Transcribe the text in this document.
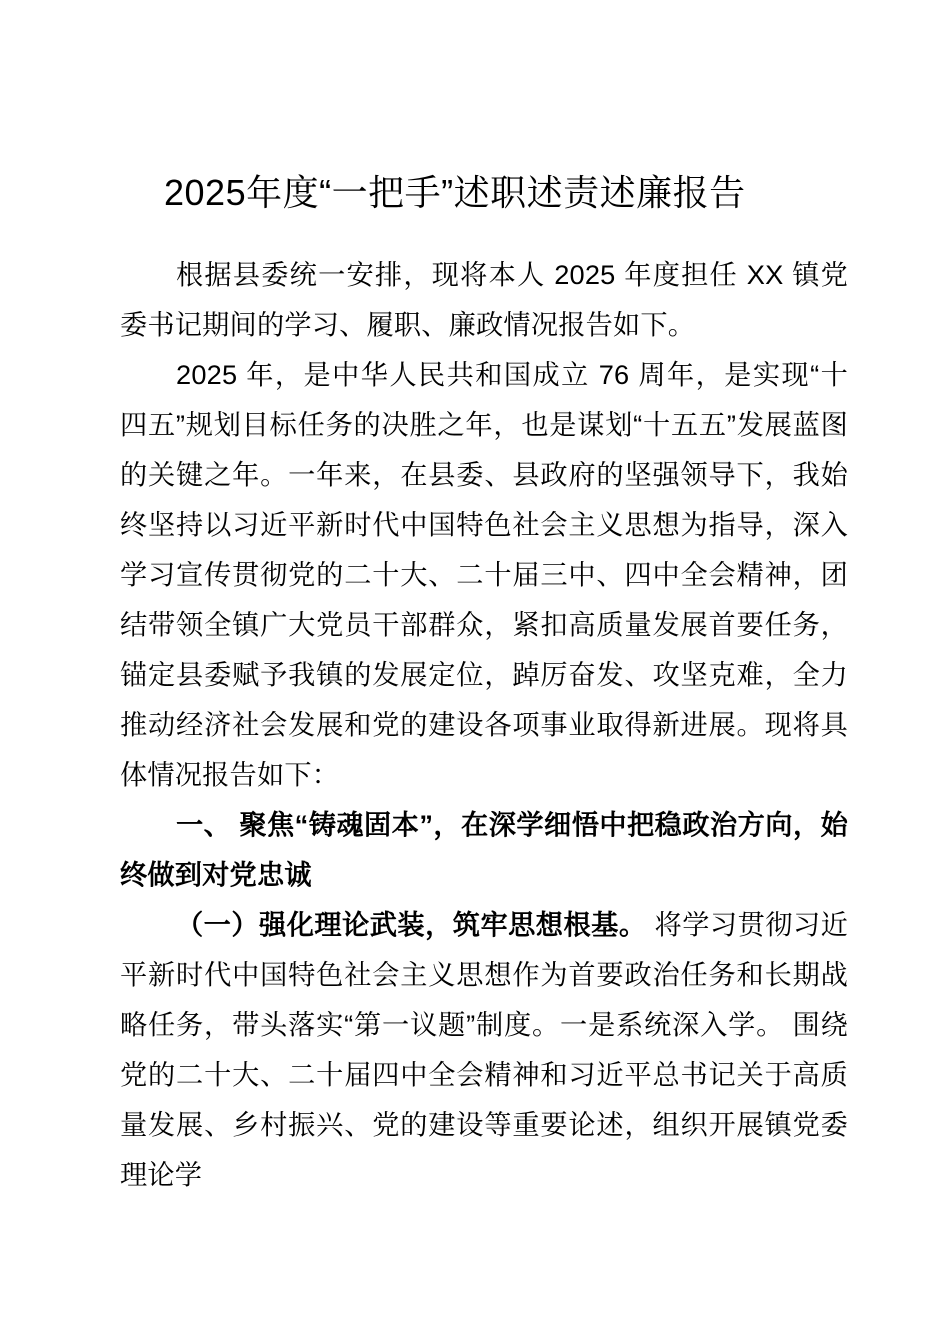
2025年度“一把手”述职述责述廉报告

根据县委统一安排，现将本人 2025 年度担任 XX 镇党委书记期间的学习、履职、廉政情况报告如下。

2025 年，是中华人民共和国成立 76 周年，是实现“十四五”规划目标任务的决胜之年，也是谋划“十五五”发展蓝图的关键之年。一年来，在县委、县政府的坚强领导下，我始终坚持以习近平新时代中国特色社会主义思想为指导，深入学习宣传贯彻党的二十大、二十届三中、四中全会精神，团结带领全镇广大党员干部群众，紧扣高质量发展首要任务，锚定县委赋予我镇的发展定位，踔厉奋发、攻坚克难，全力推动经济社会发展和党的建设各项事业取得新进展。现将具体情况报告如下：

一、 聚焦“铸魂固本”，在深学细悟中把稳政治方向，始终做到对党忠诚

（一）强化理论武装，筑牢思想根基。 将学习贯彻习近平新时代中国特色社会主义思想作为首要政治任务和长期战略任务，带头落实“第一议题”制度。一是系统深入学。 围绕党的二十大、二十届四中全会精神和习近平总书记关于高质量发展、乡村振兴、党的建设等重要论述，组织开展镇党委理论学
